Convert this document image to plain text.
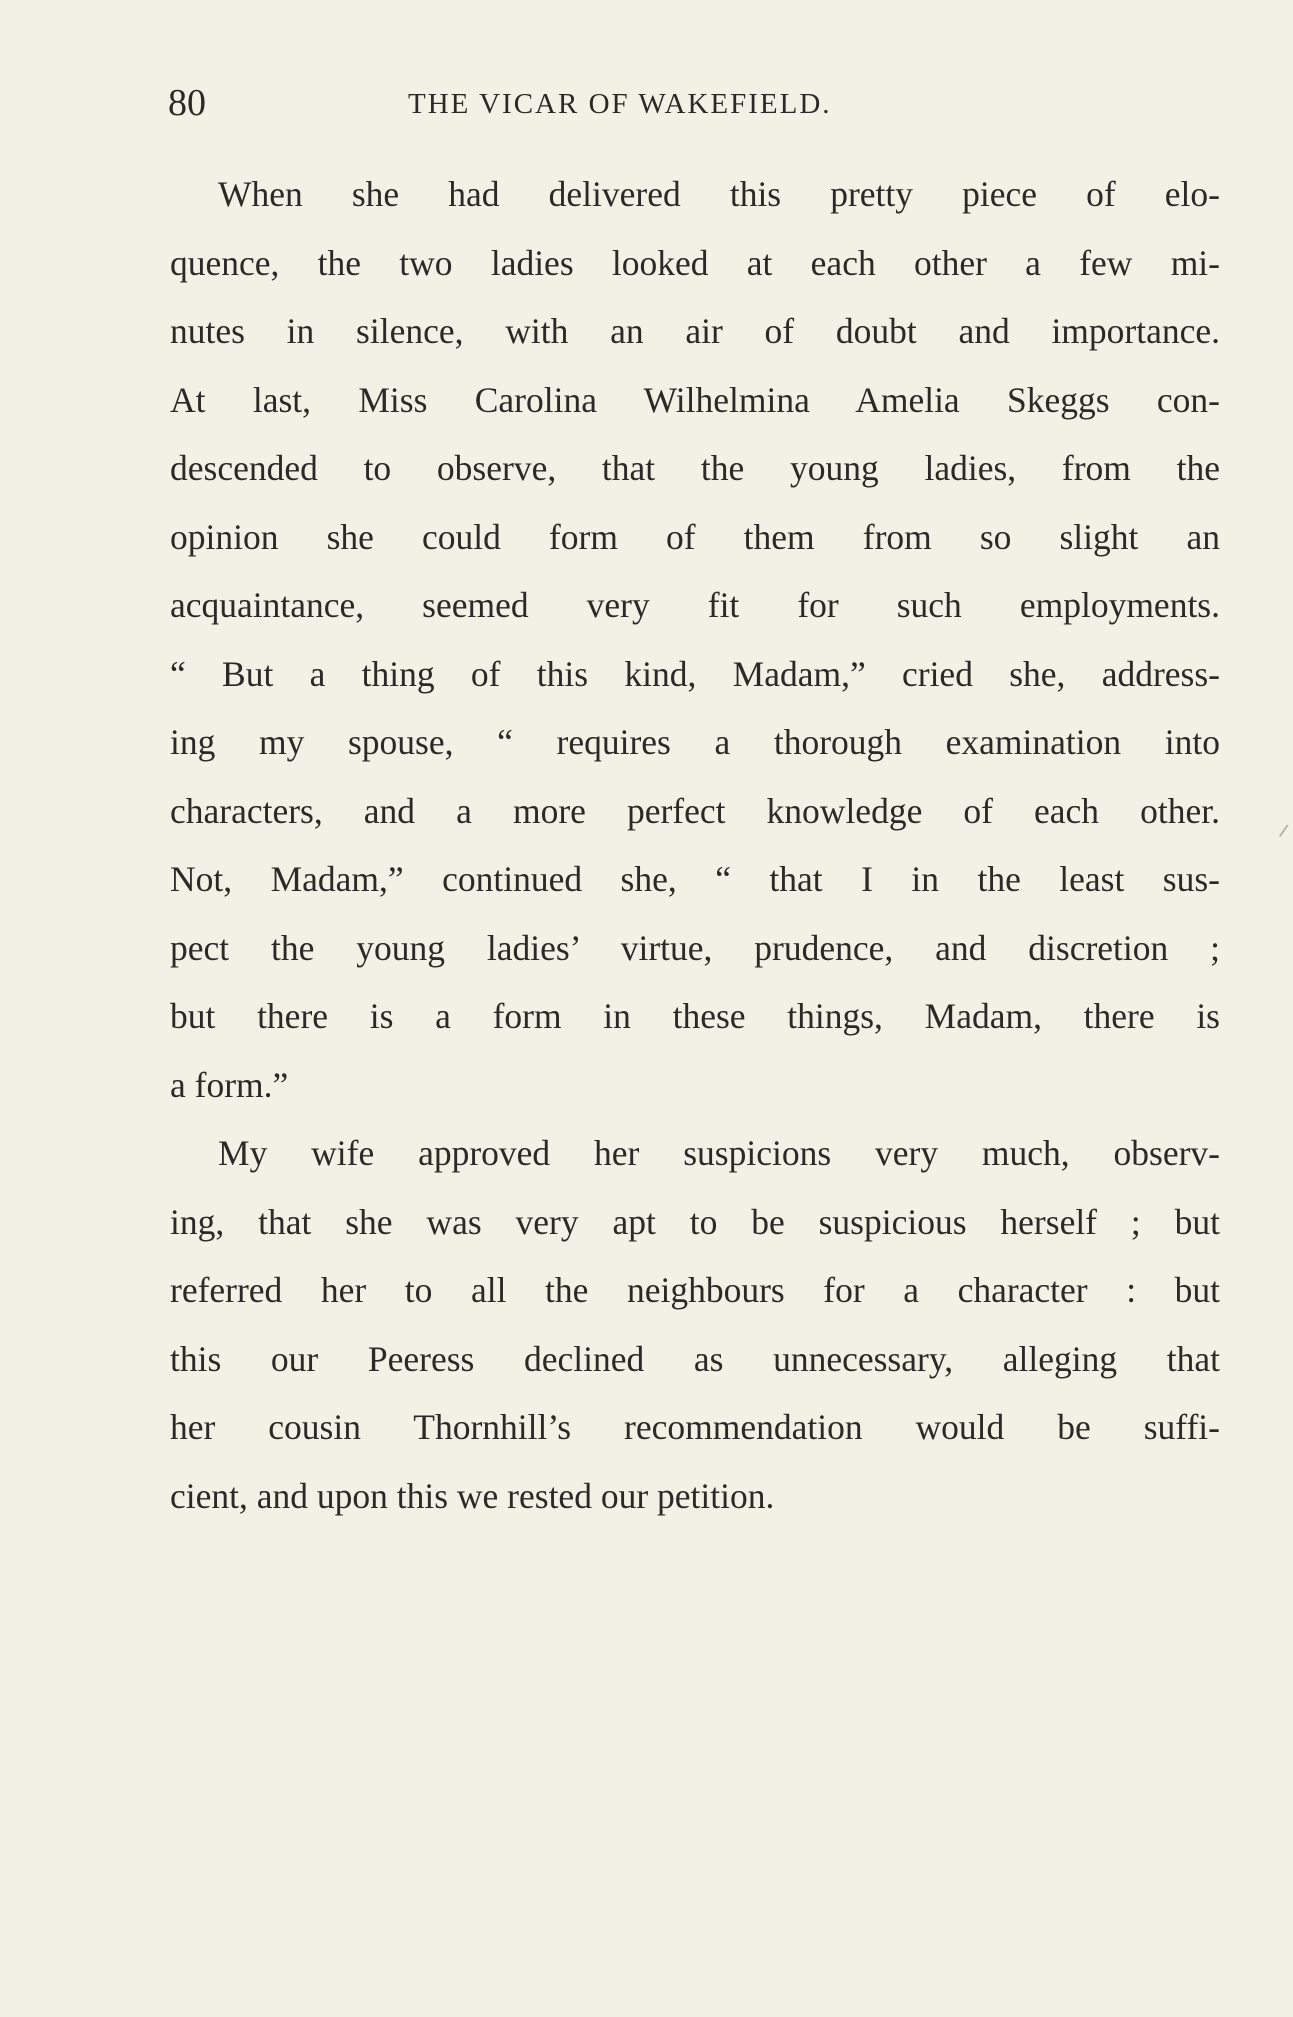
80	THE VICAR OF WAKEFIELD.
When she had delivered this pretty piece of elo-
quence, the two ladies looked at each other a few mi-
nutes in silence, with an air of doubt and importance.
At last, Miss Carolina Wilhelmina Amelia Skeggs con-
descended to observe, that the young ladies, from the
opinion she could form of them from so slight an
acquaintance, seemed very fit for such employments.
“ But a thing of this kind, Madam,” cried she, address-
ing my spouse, “ requires a thorough examination into
characters, and a more perfect knowledge of each other.
Not, Madam,” continued she, “ that I in the least sus-
pect the young ladies’ virtue, prudence, and discretion ;
but there is a form in these things, Madam, there is
a form.”
My wife approved her suspicions very much, observ-
ing, that she was very apt to be suspicious herself ; but
referred her to all the neighbours for a character : but
this our Peeress declined as unnecessary, alleging that
her cousin Thornhill’s recommendation would be suffi-
cient, and upon this we rested our petition.
